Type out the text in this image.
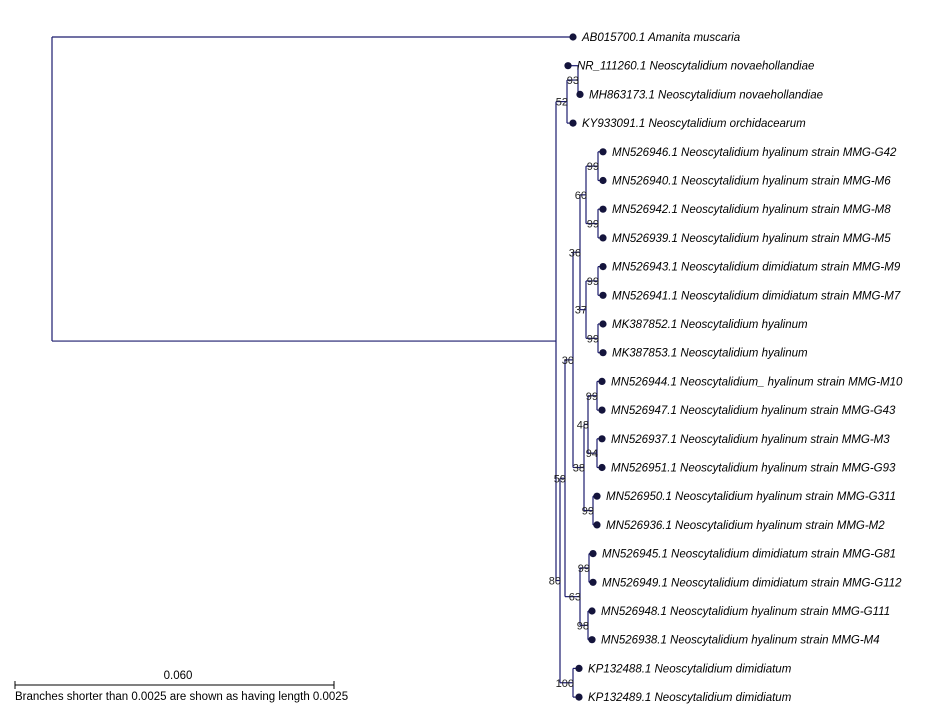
AB015700.1 Amanita muscaria
NR_111260.1 Neoscytalidium novaehollandiae
MH863173.1 Neoscytalidium novaehollandiae
KY933091.1 Neoscytalidium orchidacearum
MN526946.1 Neoscytalidium hyalinum strain MMG-G42
MN526940.1 Neoscytalidium hyalinum strain MMG-M6
MN526942.1 Neoscytalidium hyalinum strain MMG-M8
MN526939.1 Neoscytalidium hyalinum strain MMG-M5
MN526943.1 Neoscytalidium dimidiatum strain MMG-M9
MN526941.1 Neoscytalidium dimidiatum strain MMG-M7
MK387852.1 Neoscytalidium hyalinum
MK387853.1 Neoscytalidium hyalinum
MN526944.1 Neoscytalidium_ hyalinum strain MMG-M10
MN526947.1 Neoscytalidium hyalinum strain MMG-G43
MN526937.1 Neoscytalidium hyalinum strain MMG-M3
MN526951.1 Neoscytalidium hyalinum strain MMG-G93
MN526950.1 Neoscytalidium hyalinum strain MMG-G311
MN526936.1 Neoscytalidium hyalinum strain MMG-M2
MN526945.1 Neoscytalidium dimidiatum strain MMG-G81
MN526949.1 Neoscytalidium dimidiatum strain MMG-G112
MN526948.1 Neoscytalidium hyalinum strain MMG-G111
MN526938.1 Neoscytalidium hyalinum strain MMG-M4
KP132488.1 Neoscytalidium dimidiatum
KP132489.1 Neoscytalidium dimidiatum
93
52
99
60
99
36
99
37
99
30
99
48
94
38
99
59
99
80
63
98
100
0.060
Branches shorter than 0.0025 are shown as having length 0.0025
